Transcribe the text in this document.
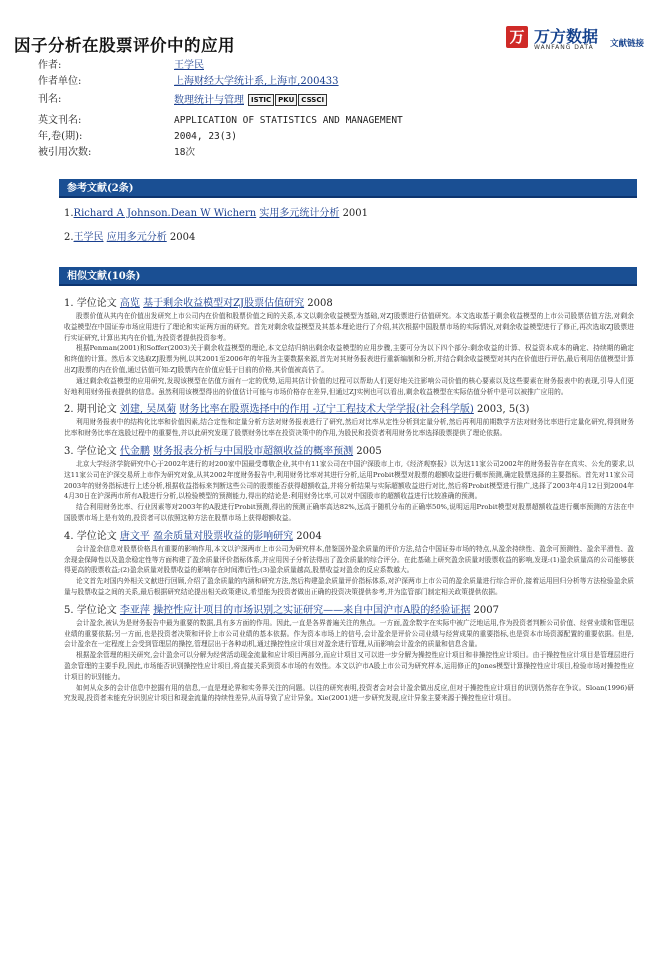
因子分析在股票评价中的应用	万 万方数据
WANFANG DATA 文献链接
作者:	王学民
作者单位:	上海财经大学统计系,上海市,200433
刊名:	数理统计与管理 ISTIC PKU CSSCI
英文刊名:	APPLICATION OF STATISTICS AND MANAGEMENT
年,卷(期):	2004, 23(3)
被引用次数:	18次
参考文献(2条)
1.Richard A Johnson.Dean W Wichern 实用多元统计分析 2001
2.王学民 应用多元分析 2004
相似文献(10条)
1. 学位论文 高览 基于剩余收益模型对ZJ股票估值研究 2008
股票价值从其内在价值出发研究上市公司内在价值和股票价值之间的关系,本文以剩余收益模型为基础,对ZJ股票进行估值研究。本文选取基于剩余收益模型的上市公司股票估值方法,对剩余收益模型在中国证券市场应用进行了理论和实证两方面的研究。首先对剩余收益模型及其基本理论进行了介绍,其次根据中国股票市场的实际情况,对剩余收益模型进行了修正,再次选取ZJ股票进行实证研究,计算出其内在价值,为投资者提供投资参考。
根据Penman(2001)和Soffer(2003)关于剩余收益模型的理论,本文总结归纳出剩余收益模型的应用步骤,主要可分为以下四个部分:剩余收益的计算、权益资本成本的确定、持续期的确定和终值的计算。然后本文选取ZJ股票为例,以其2001至2006年的年报为主要数据来源,首先对其财务报表进行重新编制和分析,并结合剩余收益模型对其内在价值进行评估,最后利用估值模型计算出ZJ股票的内在价值,通过估值可知:ZJ股票内在价值应低于目前的价格,其价值被高估了。
通过剩余收益模型的应用研究,发现该模型在估值方面有一定的优势,运用其估计价值的过程可以帮助人们更好地关注影响公司价值的核心要素以及这些要素在财务报表中的表现,引导人们更好地利用财务报表提供的信息。虽然利用该模型得出的价值估计可能与市场价格存在差异,但通过ZJ实例也可以看出,剩余收益模型在实际估值分析中是可以被推广应用的。
2. 期刊论文 刘建, 吴凤菊 财务比率在股票选择中的作用 -辽宁工程技术大学学报(社会科学版) 2003, 5(3)
利用财务报表中的结构化比率和价值因素,结合定性和定量分析方法对财务报表进行了研究,然后对比率从定性分析到定量分析,然后再利用前期数学方法对财务比率进行定量化研究,得到财务比率和财务比率在选股过程中的重要性,并以此研究发现了股票财务比率在投资决策中的作用,为股民和投资者利用财务比率选择股票提供了理论依据。
3. 学位论文 代金鹏 财务报表分析与中国股市超额收益的概率预测 2005
北京大学经济学院研究中心于2002年进行的对200家中国最受尊敬企业,其中有11家公司在中国沪深股市上市,《经济观察报》以为这11家公司2002年的财务报告存在真实、公允的要求,以这11家公司在沪深交易所上市作为研究对象,从其2002年度财务报告中,利用财务比率对其进行分析,运用Probit模型对股票的超额收益进行概率预测,确定股票选择的主要指标。首先对11家公司2003年的财务指标进行上述分析,根据收益指标来判断这些公司的股票能否获得超额收益,并将分析结果与实际超额收益进行对比,然后将Probit模型进行推广,选择了2003年4月12日到2004年4月30日在沪深两市所有A股进行分析,以检验模型的预测能力,得出的结论是:利用财务比率,可以对中国股市的超额收益进行比较准确的预测。
结合利用财务比率、行业因素等对2003年的A股进行Probit预测,得出的预测正确率高达82%,远高于随机分布的正确率50%,说明运用Probit模型对股票超额收益进行概率预测的方法在中国股票市场上是有效的,投资者可以依照这种方法在股票市场上获得超额收益。
4. 学位论文 唐文平 盈余质量对股票收益的影响研究 2004
会计盈余信息对股票价格具有重要的影响作用,本文以沪深两市上市公司为研究样本,借鉴国外盈余质量的评价方法,结合中国证券市场的特点,从盈余持续性、盈余可预测性、盈余平滑性、盈余现金保障性以及盈余稳定性等方面构建了盈余质量评价指标体系,并应用因子分析法得出了盈余质量的综合评分。在此基础上研究盈余质量对股票收益的影响,发现:(1)盈余质量高的公司能够获得更高的股票收益;(2)盈余质量对股票收益的影响存在时间滞后性;(3)盈余质量越高,股票收益对盈余的反应系数越大。
论文首先对国内外相关文献进行回顾,介绍了盈余质量的内涵和研究方法,然后构建盈余质量评价指标体系,对沪深两市上市公司的盈余质量进行综合评价,接着运用回归分析等方法检验盈余质量与股票收益之间的关系,最后根据研究结论提出相关政策建议,希望能为投资者做出正确的投资决策提供参考,并为监管部门制定相关政策提供依据。
5. 学位论文 李亚萍 操控性应计项目的市场识别之实证研究——来自中国沪市A股的经验证据 2007
会计盈余,被认为是财务报告中最为重要的数据,具有多方面的作用。因此,一直是各界普遍关注的焦点。一方面,盈余数字在实际中被广泛地运用,作为投资者判断公司价值、经营业绩和管理层业绩的重要依据;另一方面,也是投资者决策和评价上市公司业绩的基本依据。作为资本市场上的信号,会计盈余是评价公司业绩与经营成果的重要指标,也是资本市场资源配置的重要依据。但是,会计盈余在一定程度上会受到管理层的操控,管理层出于各种动机,通过操控性应计项目对盈余进行管理,从而影响会计盈余的质量和信息含量。
根据盈余管理的相关研究,会计盈余可以分解为经营活动现金流量和应计项目两部分,而应计项目又可以进一步分解为操控性应计项目和非操控性应计项目。由于操控性应计项目是管理层进行盈余管理的主要手段,因此,市场能否识别操控性应计项目,将直接关系到资本市场的有效性。本文以沪市A股上市公司为研究样本,运用修正的Jones模型计算操控性应计项目,检验市场对操控性应计项目的识别能力。
如何从众多的会计信息中挖掘有用的信息,一直是理论界和实务界关注的问题。以往的研究表明,投资者会对会计盈余做出反应,但对于操控性应计项目的识别仍然存在争议。Sloan(1996)研究发现,投资者未能充分识别应计项目和现金流量的持续性差异,从而导致了应计异象。Xie(2001)进一步研究发现,应计异象主要来源于操控性应计项目。
